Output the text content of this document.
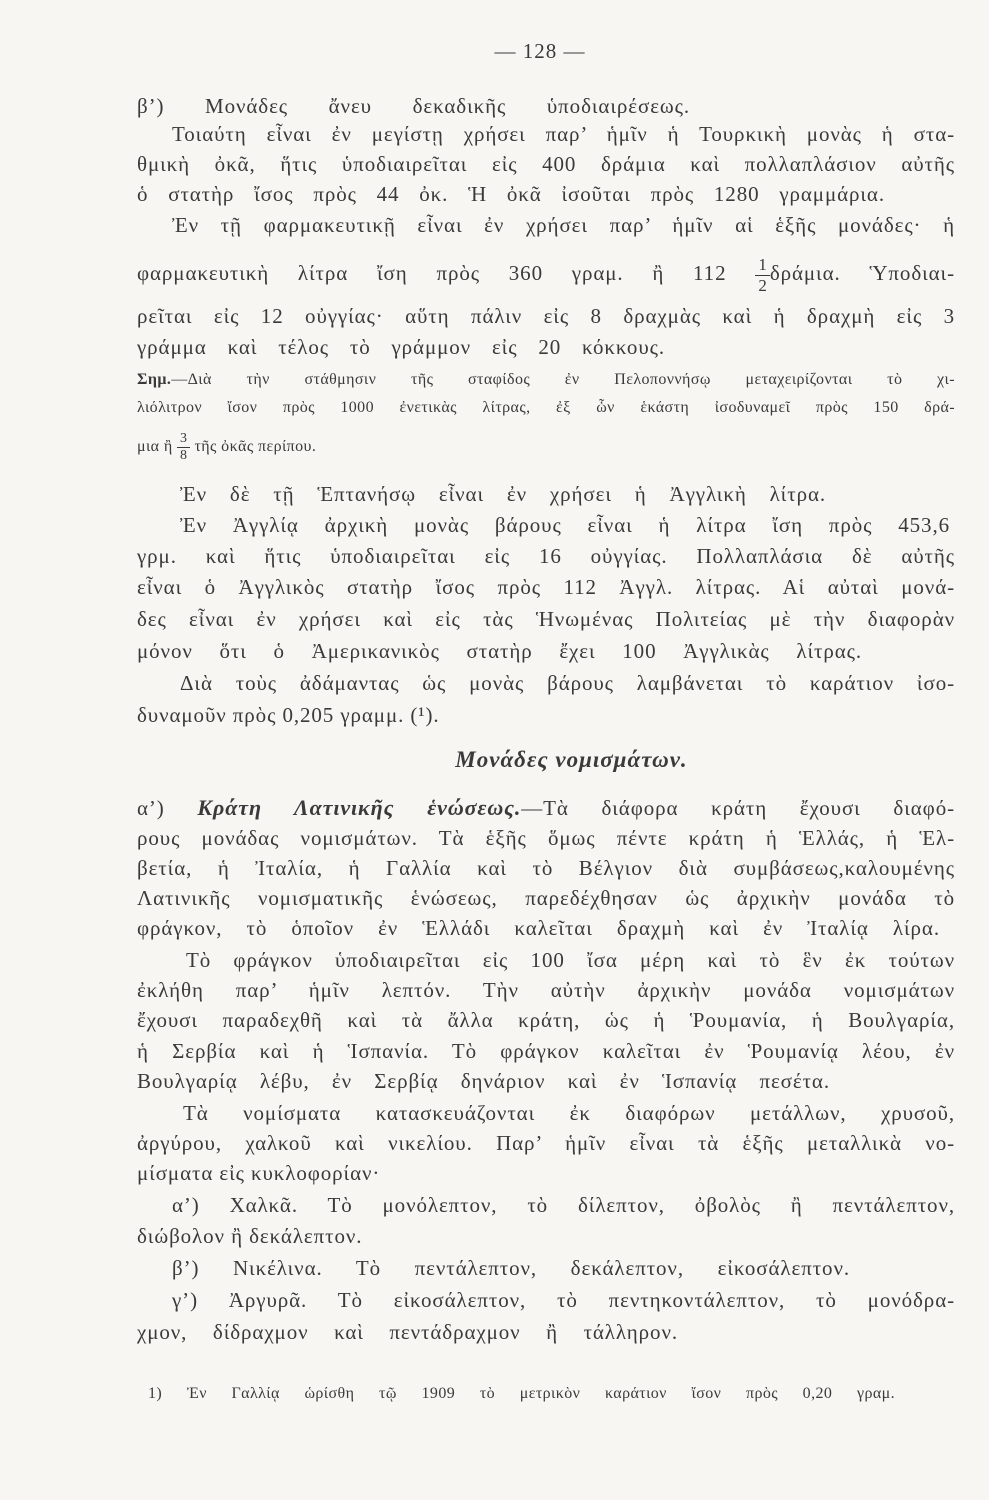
— 128 —
β’) Μονάδες ἄνευ δεκαδικῆς ὑποδιαιρέσεως.
Τοιαύτη εἶναι ἐν μεγίστῃ χρήσει παρ’ ἡμῖν ἡ Τουρκικὴ μονὰς ἡ στα-
θμικὴ ὀκᾶ, ἥτις ὑποδιαιρεῖται εἰς 400 δράμια καὶ πολλαπλάσιον αὐτῆς
ὁ στατὴρ ἴσος πρὸς 44 ὀκ. Ἡ ὀκᾶ ἰσοῦται πρὸς 1280 γραμμάρια.
Ἐν τῇ φαρμακευτικῇ εἶναι ἐν χρήσει παρ’ ἡμῖν αἱ ἑξῆς μονάδες· ἡ
φαρμακευτικὴ λίτρα ἴση πρὸς 360 γραμ. ἢ $112 \frac{1}{2} \delta\rho ά\mu\iota\alpha$. Ὑποδιαι-
ρεῖται εἰς 12 οὐγγίας· αὕτη πάλιν εἰς 8 δραχμὰς καὶ ἡ δραχμὴ εἰς 3
γράμμα καὶ τέλος τὸ γράμμον εἰς 20 κόκκους.
Σημ.—Διὰ τὴν στάθμησιν τῆς σταφίδος ἐν Πελοποννήσῳ μεταχειρίζονται τὸ χι-
λιόλιτρον ἴσον πρὸς 1000 ἐνετικὰς λίτρας, ἐξ ὧν ἑκάστη ἰσοδυναμεῖ πρὸς 150 δρά-
μια ἢ $\frac{3}{8}$ τῆς ὀκᾶς περίπου.
Ἐν δὲ τῇ Ἑπτανήσῳ εἶναι ἐν χρήσει ἡ Ἀγγλικὴ λίτρα.
Ἐν Ἀγγλίᾳ ἀρχικὴ μονὰς βάρους εἶναι ἡ λίτρα ἴση πρὸς 453,6
γρμ. καὶ ἥτις ὑποδιαιρεῖται εἰς 16 οὐγγίας. Πολλαπλάσια δὲ αὐτῆς
εἶναι ὁ Ἀγγλικὸς στατὴρ ἴσος πρὸς 112 Ἀγγλ. λίτρας. Αἱ αὐταὶ μονά-
δες εἶναι ἐν χρήσει καὶ εἰς τὰς Ἡνωμένας Πολιτείας μὲ τὴν διαφορὰν
μόνον ὅτι ὁ Ἀμερικανικὸς στατὴρ ἔχει 100 Ἀγγλικὰς λίτρας.
Διὰ τοὺς ἀδάμαντας ὡς μονὰς βάρους λαμβάνεται τὸ καράτιον ἰσο-
δυναμοῦν πρὸς 0,205 γραμμ. (¹).
Μονάδες νομισμάτων.
α’) Κράτη Λατινικῆς ἑνώσεως.—Τὰ διάφορα κράτη ἔχουσι διαφό-
ρους μονάδας νομισμάτων. Τὰ ἑξῆς ὅμως πέντε κράτη ἡ Ἑλλάς, ἡ Ἑλ-
βετία, ἡ Ἰταλία, ἡ Γαλλία καὶ τὸ Βέλγιον διὰ συμβάσεως,καλουμένης
Λατινικῆς νομισματικῆς ἑνώσεως, παρεδέχθησαν ὡς ἀρχικὴν μονάδα τὸ
φράγκον, τὸ ὁποῖον ἐν Ἑλλάδι καλεῖται δραχμὴ καὶ ἐν Ἰταλίᾳ λίρα.
Τὸ φράγκον ὑποδιαιρεῖται εἰς 100 ἴσα μέρη καὶ τὸ ἓν ἐκ τούτων
ἐκλήθη παρ’ ἡμῖν λεπτόν. Τὴν αὐτὴν ἀρχικὴν μονάδα νομισμάτων
ἔχουσι παραδεχθῆ καὶ τὰ ἄλλα κράτη, ὡς ἡ Ῥουμανία, ἡ Βουλγαρία,
ἡ Σερβία καὶ ἡ Ἱσπανία. Τὸ φράγκον καλεῖται ἐν Ῥουμανίᾳ λέου, ἐν
Βουλγαρίᾳ λέβυ, ἐν Σερβίᾳ δηνάριον καὶ ἐν Ἱσπανίᾳ πεσέτα.
Τὰ νομίσματα κατασκευάζονται ἐκ διαφόρων μετάλλων, χρυσοῦ,
ἀργύρου, χαλκοῦ καὶ νικελίου. Παρ’ ἡμῖν εἶναι τὰ ἑξῆς μεταλλικὰ νο-
μίσματα εἰς κυκλοφορίαν·
α’) Χαλκᾶ. Τὸ μονόλεπτον, τὸ δίλεπτον, ὀβολὸς ἢ πεντάλεπτον,
διώβολον ἢ δεκάλεπτον.
β’) Νικέλινα. Τὸ πεντάλεπτον, δεκάλεπτον, εἰκοσάλεπτον.
γ’) Ἀργυρᾶ. Τὸ εἰκοσάλεπτον, τὸ πεντηκοντάλεπτον, τὸ μονόδρα-
χμον, δίδραχμον καὶ πεντάδραχμον ἢ τάλληρον.
1) Ἐν Γαλλίᾳ ὡρίσθη τῷ 1909 τὸ μετρικὸν καράτιον ἴσον πρὸς 0,20 γραμ.
